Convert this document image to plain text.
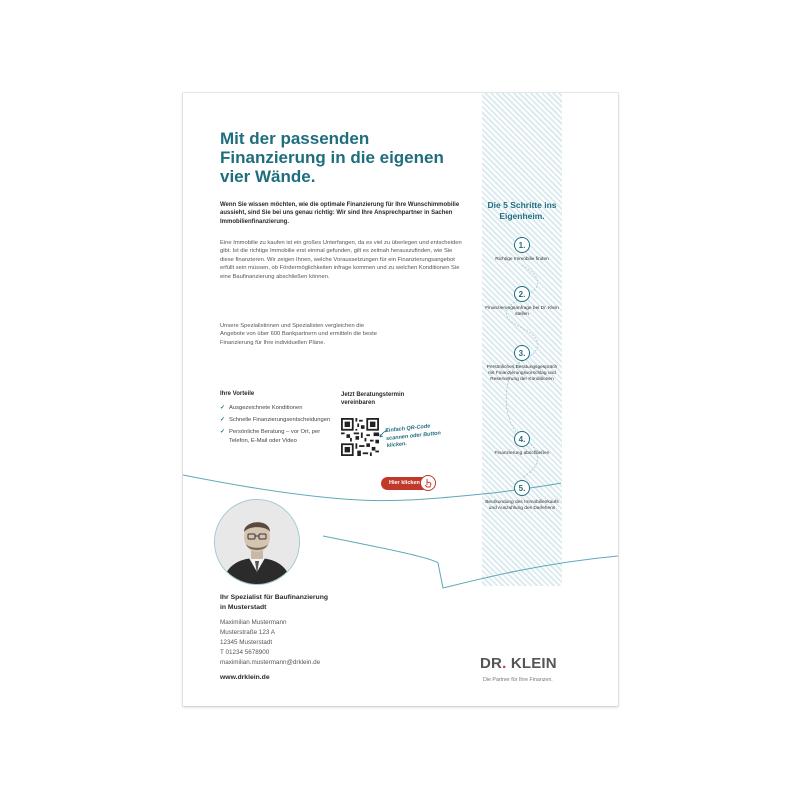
Mit der passenden
Finanzierung in die eigenen
vier Wände.
Wenn Sie wissen möchten, wie die optimale Finanzierung für Ihre Wunschimmobilie aussieht, sind Sie bei uns genau richtig: Wir sind Ihre Ansprechpartner in Sachen Immobilienfinanzierung.
Eine Immobilie zu kaufen ist ein großes Unterfangen, da es viel zu überlegen und entscheiden gibt. Ist die richtige Immobilie erst einmal gefunden, gilt es zeitnah herauszufinden, wie Sie diese finanzieren. Wir zeigen Ihnen, welche Voraussetzungen für ein Finanzierungsangebot erfüllt sein müssen, ob Fördermöglichkeiten infrage kommen und zu welchen Konditionen Sie eine Baufinanzierung abschließen können.
Unsere Spezialistinnen und Spezialisten vergleichen die Angebote von über 600 Bankpartnern und ermitteln die beste Finanzierung für Ihre individuellen Pläne.
Ihre Vorteile
✓ Ausgezeichnete Konditionen
✓ Schnelle Finanzierungsentscheidungen
✓ Persönliche Beratung – vor Ort, per Telefon, E-Mail oder Video
Jetzt Beratungstermin vereinbaren
Einfach QR-Code scannen oder Button klicken.
Hier klicken
Die 5 Schritte ins Eigenheim.
1.
Richtige Immobilie finden
2.
Finanzierungsanfrage bei Dr. Klein stellen
3.
Persönliches Beratungsgespräch mit Finanzierungsvorschlag und Reservierung der Konditionen
4.
Finanzierung abschließen
5.
Beurkundung des Immobilienkaufs und Auszahlung des Darlehens
Ihr Spezialist für Baufinanzierung
in Musterstadt
Maximilian Mustermann
Musterstraße 123 A
12345 Musterstadt
T 01234 5678900
maximilian.mustermann@drklein.de
www.drklein.de
DR. KLEIN
Die Partner für Ihre Finanzen.
